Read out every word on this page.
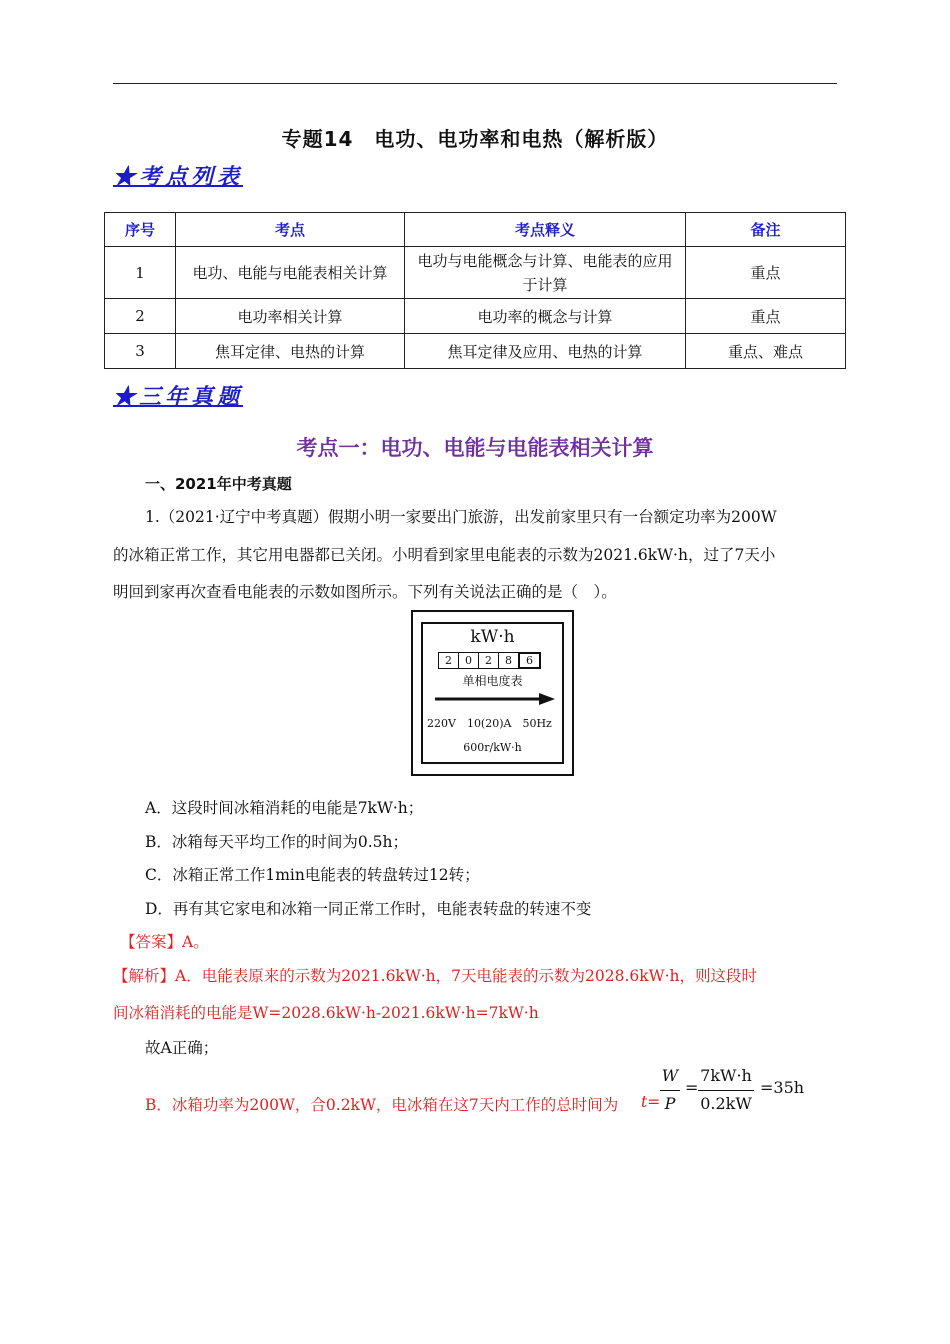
专题14　电功、电功率和电热（解析版）
★考点列表
序号	考点	考点释义	备注
1	电功、电能与电能表相关计算	电功与电能概念与计算、电能表的应用于计算	重点
2	电功率相关计算	电功率的概念与计算	重点
3	焦耳定律、电热的计算	焦耳定律及应用、电热的计算	重点、难点
★三年真题
考点一：电功、电能与电能表相关计算
一、2021年中考真题
1.（2021·辽宁中考真题）假期小明一家要出门旅游，出发前家里只有一台额定功率为200W
的冰箱正常工作，其它用电器都已关闭。小明看到家里电能表的示数为2021.6kW·h，过了7天小
明回到家再次查看电能表的示数如图所示。下列有关说法正确的是（　）。
kW·h
2	0	2	8	6
单相电度表
220V　10(20)A　50Hz
600r/kW·h
A．这段时间冰箱消耗的电能是7kW·h；
B．冰箱每天平均工作的时间为0.5h；
C．冰箱正常工作1min电能表的转盘转过12转；
D．再有其它家电和冰箱一同正常工作时，电能表转盘的转速不变
【答案】A。
【解析】A．电能表原来的示数为2021.6kW·h，7天电能表的示数为2028.6kW·h，则这段时
间冰箱消耗的电能是W=2028.6kW·h-2021.6kW·h=7kW·h
故A正确；
B．冰箱功率为200W，合0.2kW，电冰箱在这7天内工作的总时间为 t=
W
P
=
7kW·h
0.2kW
=35h
